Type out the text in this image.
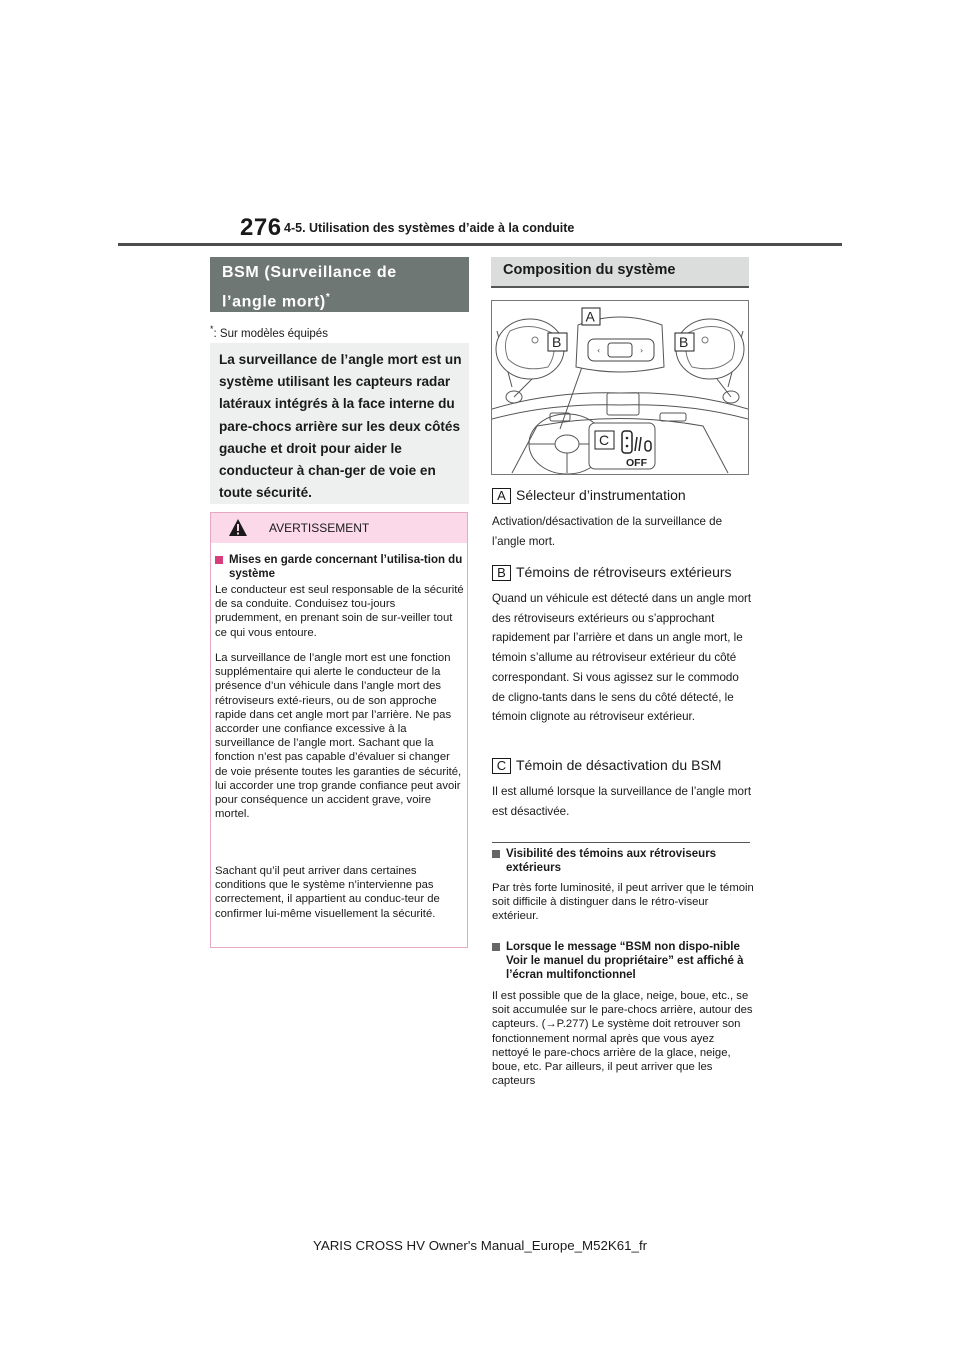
276 4-5. Utilisation des systèmes d’aide à la conduite
BSM (Surveillance de
l’angle mort)*
*: Sur modèles équipés
La surveillance de l’angle mort est un système utilisant les capteurs radar latéraux intégrés à la face interne du pare-chocs arrière sur les deux côtés gauche et droit pour aider le conducteur à chan-ger de voie en toute sécurité.
AVERTISSEMENT
Mises en garde concernant l’utilisa-tion du système
Le conducteur est seul responsable de la sécurité de sa conduite. Conduisez tou-jours prudemment, en prenant soin de sur-veiller tout ce qui vous entoure.
La surveillance de l’angle mort est une fonction supplémentaire qui alerte le conducteur de la présence d’un véhicule dans l’angle mort des rétroviseurs exté-rieurs, ou de son approche rapide dans cet angle mort par l’arrière. Ne pas accorder une confiance excessive à la surveillance de l’angle mort. Sachant que la fonction n’est pas capable d’évaluer si changer de voie présente toutes les garanties de sécurité, lui accorder une trop grande confiance peut avoir pour conséquence un accident grave, voire mortel.
Sachant qu’il peut arriver dans certaines conditions que le système n’intervienne pas correctement, il appartient au conduc-teur de confirmer lui-même visuellement la sécurité.
Composition du système
‹	›
OFF
A
B	B
C
A Sélecteur d’instrumentation
Activation/désactivation de la surveillance de l’angle mort.
B Témoins de rétroviseurs extérieurs
Quand un véhicule est détecté dans un angle mort des rétroviseurs extérieurs ou s’approchant rapidement par l’arrière et dans un angle mort, le témoin s’allume au rétroviseur extérieur du côté correspondant. Si vous agissez sur le commodo de cligno-tants dans le sens du côté détecté, le témoin clignote au rétroviseur extérieur.
C Témoin de désactivation du BSM
Il est allumé lorsque la surveillance de l’angle mort est désactivée.
Visibilité des témoins aux rétroviseurs extérieurs
Par très forte luminosité, il peut arriver que le témoin soit difficile à distinguer dans le rétro-viseur extérieur.
Lorsque le message “BSM non dispo-nible Voir le manuel du propriétaire” est affiché à l’écran multifonctionnel
Il est possible que de la glace, neige, boue, etc., se soit accumulée sur le pare-chocs arrière, autour des capteurs. (→P.277) Le système doit retrouver son fonctionnement normal après que vous ayez nettoyé le pare-chocs arrière de la glace, neige, boue, etc. Par ailleurs, il peut arriver que les capteurs
YARIS CROSS HV Owner's Manual_Europe_M52K61_fr
